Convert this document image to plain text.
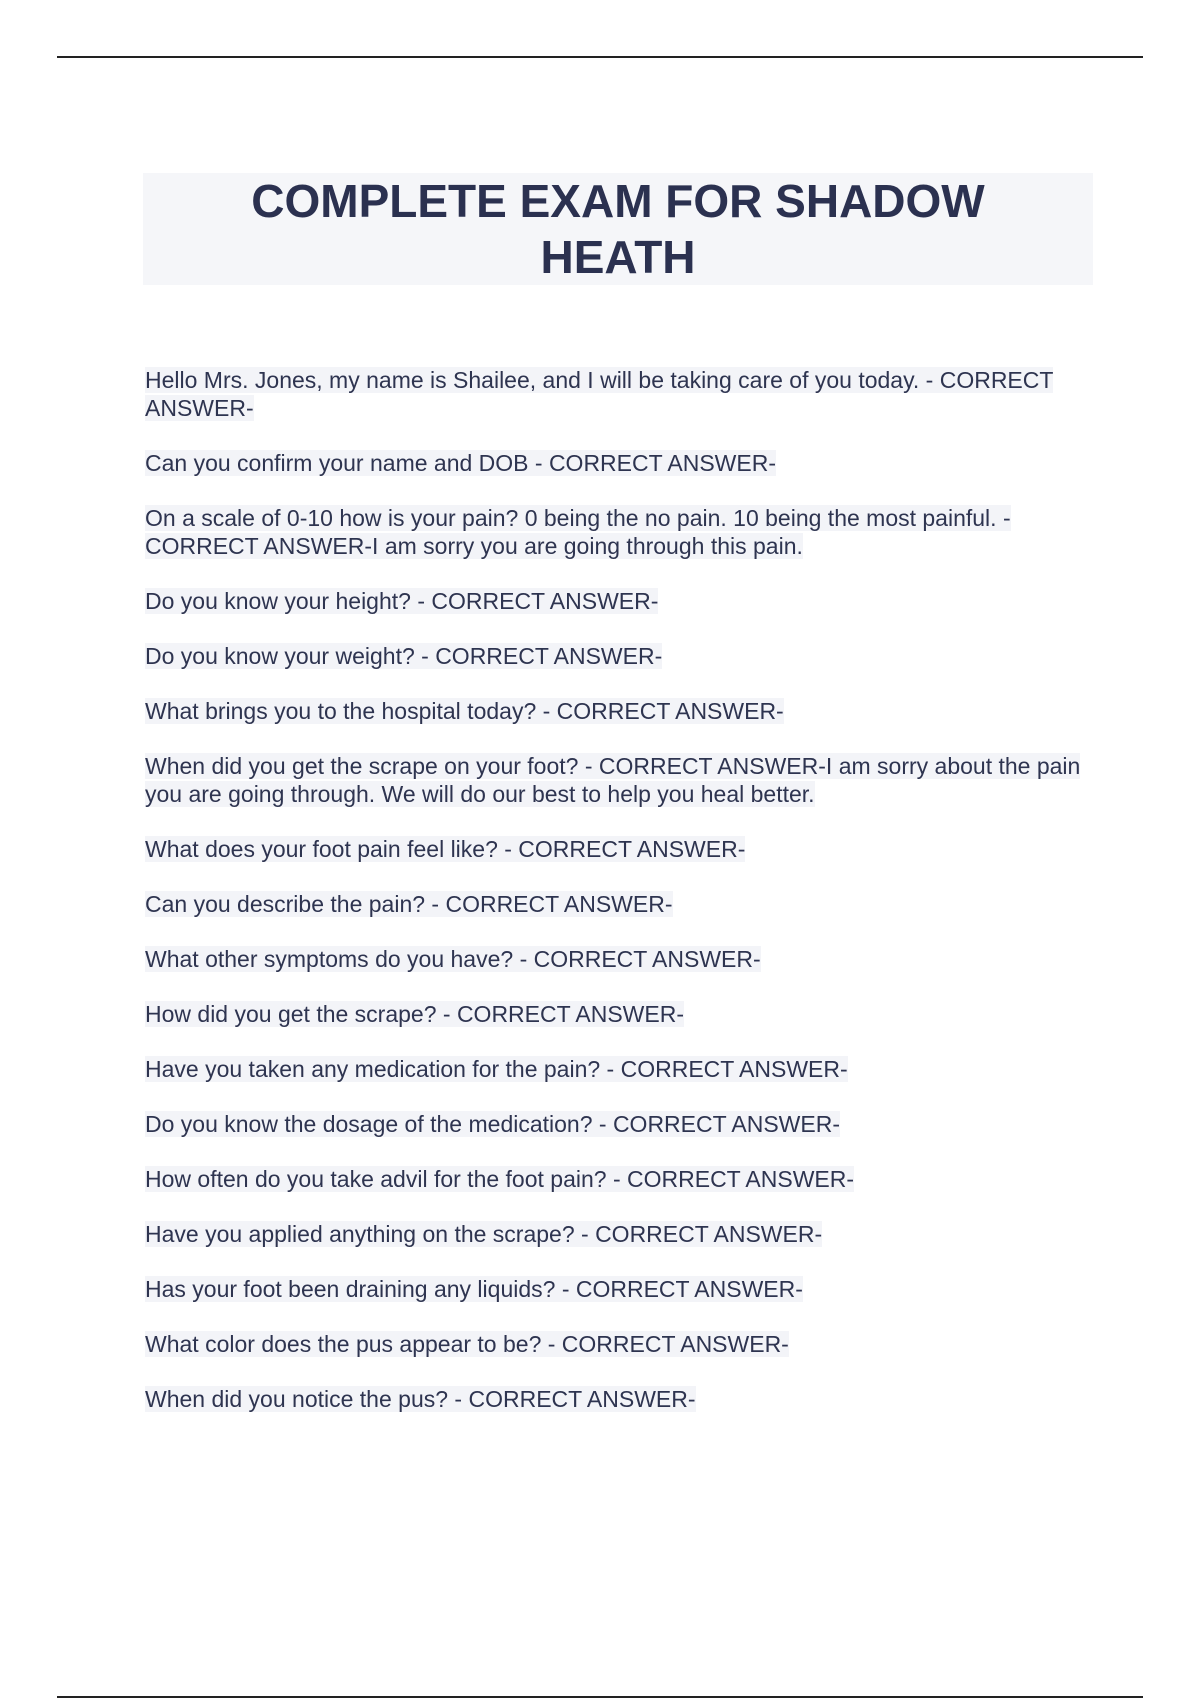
COMPLETE EXAM FOR SHADOW HEATH
Hello Mrs. Jones, my name is Shailee, and I will be taking care of you today. - CORRECT ANSWER-
Can you confirm your name and DOB - CORRECT ANSWER-
On a scale of 0-10 how is your pain? 0 being the no pain. 10 being the most painful. - CORRECT ANSWER-I am sorry you are going through this pain.
Do you know your height? - CORRECT ANSWER-
Do you know your weight? - CORRECT ANSWER-
What brings you to the hospital today? - CORRECT ANSWER-
When did you get the scrape on your foot? - CORRECT ANSWER-I am sorry about the pain you are going through. We will do our best to help you heal better.
What does your foot pain feel like? - CORRECT ANSWER-
Can you describe the pain? - CORRECT ANSWER-
What other symptoms do you have? - CORRECT ANSWER-
How did you get the scrape? - CORRECT ANSWER-
Have you taken any medication for the pain? - CORRECT ANSWER-
Do you know the dosage of the medication? - CORRECT ANSWER-
How often do you take advil for the foot pain? - CORRECT ANSWER-
Have you applied anything on the scrape? - CORRECT ANSWER-
Has your foot been draining any liquids? - CORRECT ANSWER-
What color does the pus appear to be? - CORRECT ANSWER-
When did you notice the pus? - CORRECT ANSWER-
